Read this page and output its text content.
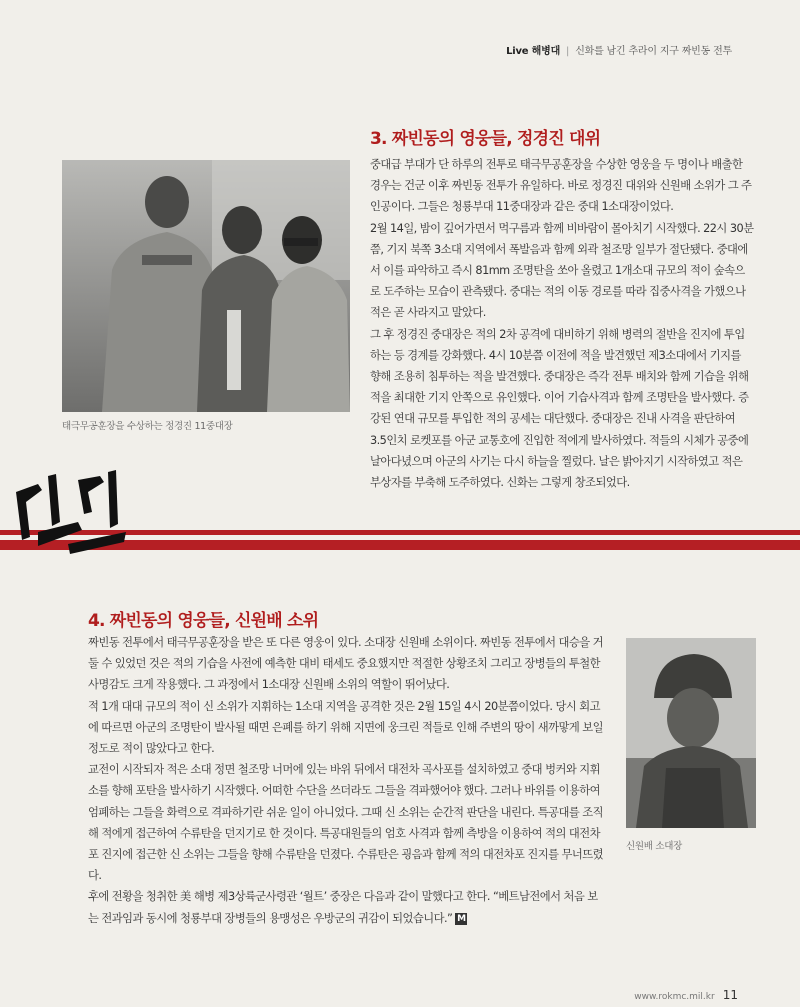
Live 해병대 | 신화를 남긴 추라이 지구 짜빈동 전투
태극무공훈장을 수상하는 정경진 11중대장
3. 짜빈동의 영웅들, 정경진 대위

중대급 부대가 단 하루의 전투로 태극무공훈장을 수상한 영웅을 두 명이나 배출한 경우는 건군 이후 짜빈동 전투가 유일하다. 바로 정경진 대위와 신원배 소위가 그 주인공이다. 그들은 청룡부대 11중대장과 같은 중대 1소대장이었다.

2월 14일, 밤이 깊어가면서 먹구름과 함께 비바람이 몰아치기 시작했다. 22시 30분쯤, 기지 북쪽 3소대 지역에서 폭발음과 함께 외곽 철조망 일부가 절단됐다. 중대에서 이를 파악하고 즉시 81mm 조명탄을 쏘아 올렸고 1개소대 규모의 적이 숲속으로 도주하는 모습이 관측됐다. 중대는 적의 이동 경로를 따라 집중사격을 가했으나 적은 곧 사라지고 말았다.

그 후 정경진 중대장은 적의 2차 공격에 대비하기 위해 병력의 절반을 진지에 투입하는 등 경계를 강화했다. 4시 10분쯤 이전에 적을 발견했던 제3소대에서 기지를 향해 조용히 침투하는 적을 발견했다. 중대장은 즉각 전투 배치와 함께 기습을 위해 적을 최대한 기지 안쪽으로 유인했다. 이어 기습사격과 함께 조명탄을 발사했다. 증강된 연대 규모를 투입한 적의 공세는 대단했다. 중대장은 진내 사격을 판단하여 3.5인치 로켓포를 아군 교통호에 진입한 적에게 발사하였다. 적들의 시체가 공중에 날아다녔으며 아군의 사기는 다시 하늘을 찔렀다. 날은 밝아지기 시작하였고 적은 부상자를 부축해 도주하였다. 신화는 그렇게 창조되었다.

4. 짜빈동의 영웅들, 신원배 소위

짜빈동 전투에서 태극무공훈장을 받은 또 다른 영웅이 있다. 소대장 신원배 소위이다. 짜빈동 전투에서 대승을 거둘 수 있었던 것은 적의 기습을 사전에 예측한 대비 태세도 중요했지만 적절한 상황조치 그리고 장병들의 투철한 사명감도 크게 작용했다. 그 과정에서 1소대장 신원배 소위의 역할이 뛰어났다.

적 1개 대대 규모의 적이 신 소위가 지휘하는 1소대 지역을 공격한 것은 2월 15일 4시 20분쯤이었다. 당시 회고에 따르면 아군의 조명탄이 발사될 때면 은폐를 하기 위해 지면에 웅크린 적들로 인해 주변의 땅이 새까맣게 보일 정도로 적이 많았다고 한다.

교전이 시작되자 적은 소대 정면 철조망 너머에 있는 바위 뒤에서 대전차 곡사포를 설치하였고 중대 벙커와 지휘소를 향해 포탄을 발사하기 시작했다. 어떠한 수단을 쓰더라도 그들을 격파했어야 했다. 그러나 바위를 이용하여 엄폐하는 그들을 화력으로 격파하기란 쉬운 일이 아니었다. 그때 신 소위는 순간적 판단을 내린다. 특공대를 조직해 적에게 접근하여 수류탄을 던지기로 한 것이다. 특공대원들의 엄호 사격과 함께 측방을 이용하여 적의 대전차포 진지에 접근한 신 소위는 그들을 향해 수류탄을 던졌다. 수류탄은 굉음과 함께 적의 대전차포 진지를 무너뜨렸다.

후에 전황을 청취한 美 해병 제3상륙군사령관 ‘월트’ 중장은 다음과 같이 말했다고 한다. “베트남전에서 처음 보는 전과임과 동시에 청룡부대 장병들의 용맹성은 우방군의 귀감이 되었습니다.” M

신원배 소대장
www.rokmc.mil.kr 11
